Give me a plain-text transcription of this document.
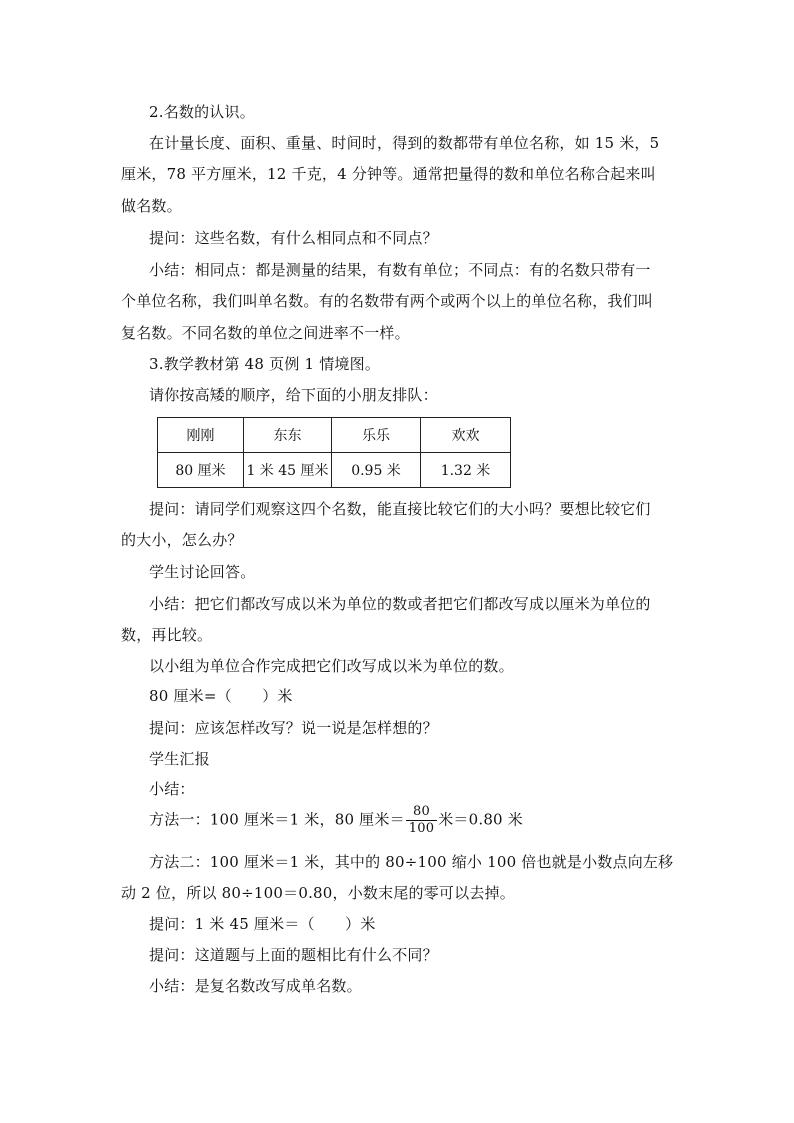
2.名数的认识。
在计量长度、面积、重量、时间时，得到的数都带有单位名称，如 15 米，5
厘米，78 平方厘米，12 千克，4 分钟等。通常把量得的数和单位名称合起来叫
做名数。
提问：这些名数，有什么相同点和不同点？
小结：相同点：都是测量的结果，有数有单位；不同点：有的名数只带有一
个单位名称，我们叫单名数。有的名数带有两个或两个以上的单位名称，我们叫
复名数。不同名数的单位之间进率不一样。
3.教学教材第 48 页例 1 情境图。
请你按高矮的顺序，给下面的小朋友排队：
刚刚	东东	乐乐	欢欢
80 厘米	1 米 45 厘米	0.95 米	1.32 米
提问：请同学们观察这四个名数，能直接比较它们的大小吗？要想比较它们
的大小，怎么办？
学生讨论回答。
小结：把它们都改写成以米为单位的数或者把它们都改写成以厘米为单位的
数，再比较。
以小组为单位合作完成把它们改写成以米为单位的数。
80 厘米=（　　）米
提问：应该怎样改写？说一说是怎样想的？
学生汇报
小结：
方法一：100 厘米＝1 米，80 厘米＝ $\frac{80}{100}$ 米＝0.80 米
方法二：100 厘米＝1 米，其中的 80÷100 缩小 100 倍也就是小数点向左移
动 2 位，所以 80÷100＝0.80，小数末尾的零可以去掉。
提问：1 米 45 厘米＝（　　）米
提问：这道题与上面的题相比有什么不同？
小结：是复名数改写成单名数。
